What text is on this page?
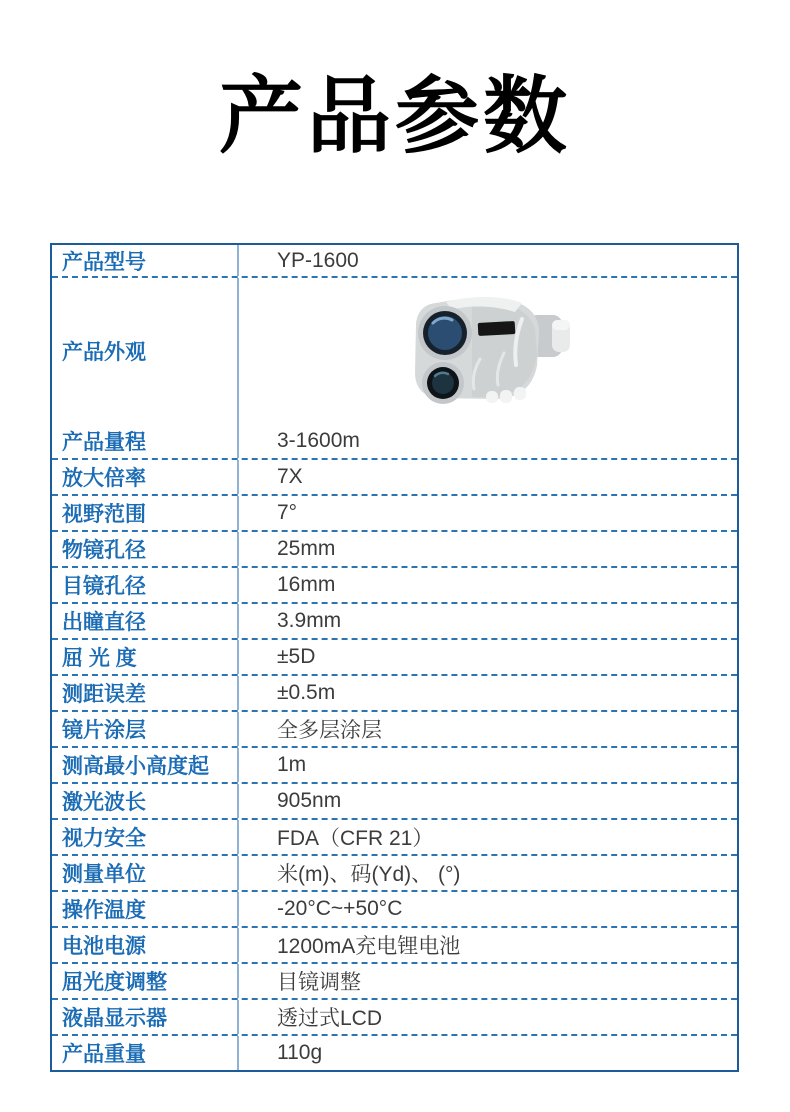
产品参数
产品型号	YP-1600
产品外观
产品量程	3-1600m
放大倍率	7X
视野范围	7°
物镜孔径	25mm
目镜孔径	16mm
出瞳直径	3.9mm
屈 光 度	±5D
测距误差	±0.5m
镜片涂层	全多层涂层
测高最小高度起	1m
激光波长	905nm
视力安全	FDA（CFR 21）
测量单位	米(m)、码(Yd)、 (°)
操作温度	-20°C~+50°C
电池电源	1200mA充电锂电池
屈光度调整	目镜调整
液晶显示器	透过式LCD
产品重量	110g
